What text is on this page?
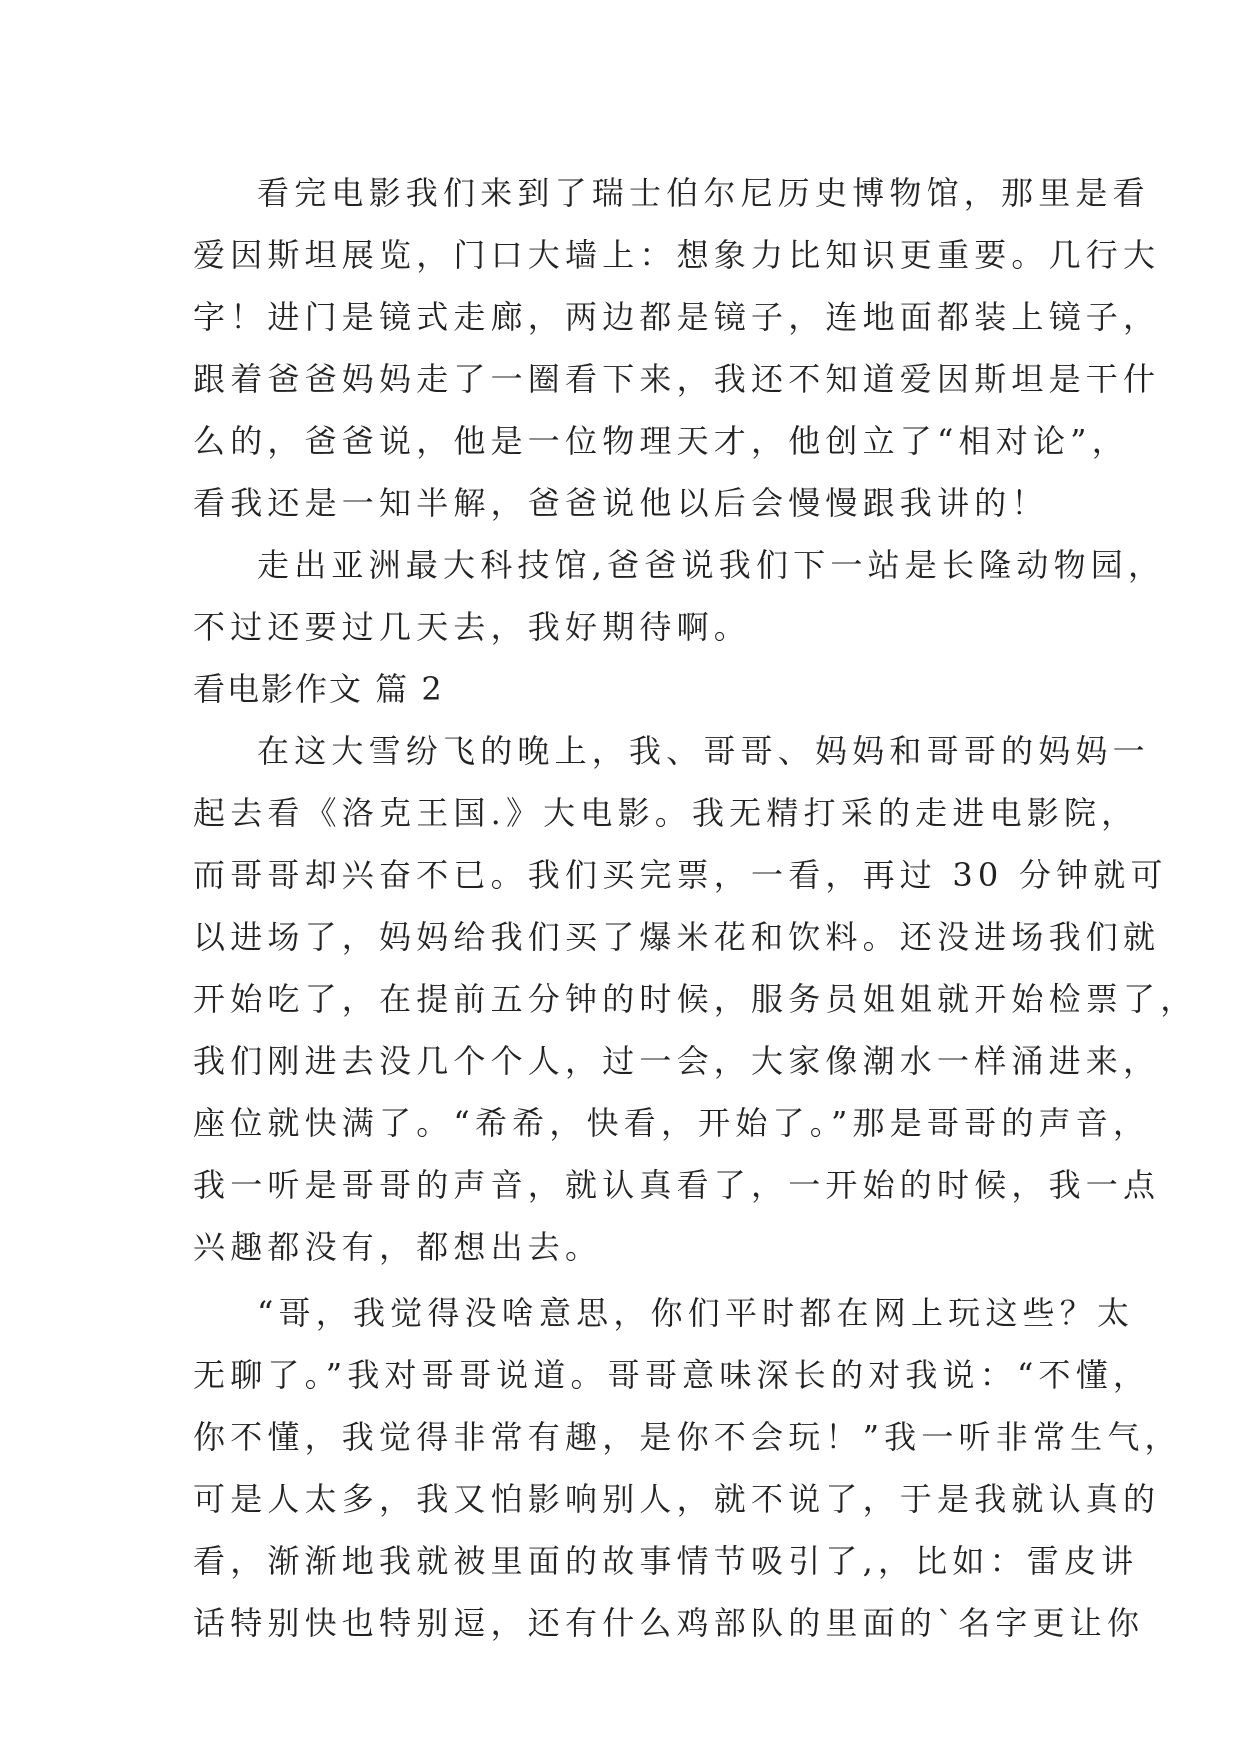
看完电影我们来到了瑞士伯尔尼历史博物馆，那里是看
爱因斯坦展览，门口大墙上：想象力比知识更重要。几行大
字！进门是镜式走廊，两边都是镜子，连地面都装上镜子，
跟着爸爸妈妈走了一圈看下来，我还不知道爱因斯坦是干什
么的，爸爸说，他是一位物理天才，他创立了“相对论”，
看我还是一知半解，爸爸说他以后会慢慢跟我讲的！
走出亚洲最大科技馆,爸爸说我们下一站是长隆动物园，
不过还要过几天去，我好期待啊。
看电影作文 篇 2
在这大雪纷飞的晚上，我、哥哥、妈妈和哥哥的妈妈一
起去看《洛克王国.》大电影。我无精打采的走进电影院，
而哥哥却兴奋不已。我们买完票，一看，再过 30 分钟就可
以进场了，妈妈给我们买了爆米花和饮料。还没进场我们就
开始吃了，在提前五分钟的时候，服务员姐姐就开始检票了，
我们刚进去没几个个人，过一会，大家像潮水一样涌进来，
座位就快满了。“希希，快看，开始了。”那是哥哥的声音，
我一听是哥哥的声音，就认真看了，一开始的时候，我一点
兴趣都没有，都想出去。
“哥，我觉得没啥意思，你们平时都在网上玩这些？太
无聊了。”我对哥哥说道。哥哥意味深长的对我说：“不懂，
你不懂，我觉得非常有趣，是你不会玩！”我一听非常生气，
可是人太多，我又怕影响别人，就不说了，于是我就认真的
看，渐渐地我就被里面的故事情节吸引了,，比如：雷皮讲
话特别快也特别逗，还有什么鸡部队的里面的`名字更让你
